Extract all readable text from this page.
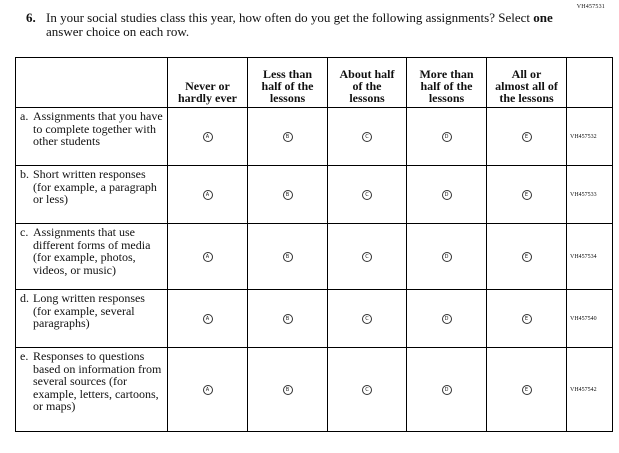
VH457531
6. In your social studies class this year, how often do you get the following assignments? Select one answer choice on each row.
	Never or
hardly ever	Less than
half of the
lessons	About half
of the
lessons	More than
half of the
lessons	All or
almost all of
the lessons	

a. Assignments that you have to complete together with other students	A	B	C	D	E	VH457532

b. Short written responses (for example, a paragraph or less)	A	B	C	D	E	VH457533

c. Assignments that use different forms of media (for example, photos, videos, or music)	A	B	C	D	E	VH457534

d. Long written responses (for example, several paragraphs)	A	B	C	D	E	VH457540

e. Responses to questions based on information from several sources (for example, letters, cartoons, or maps)	A	B	C	D	E	VH457542
